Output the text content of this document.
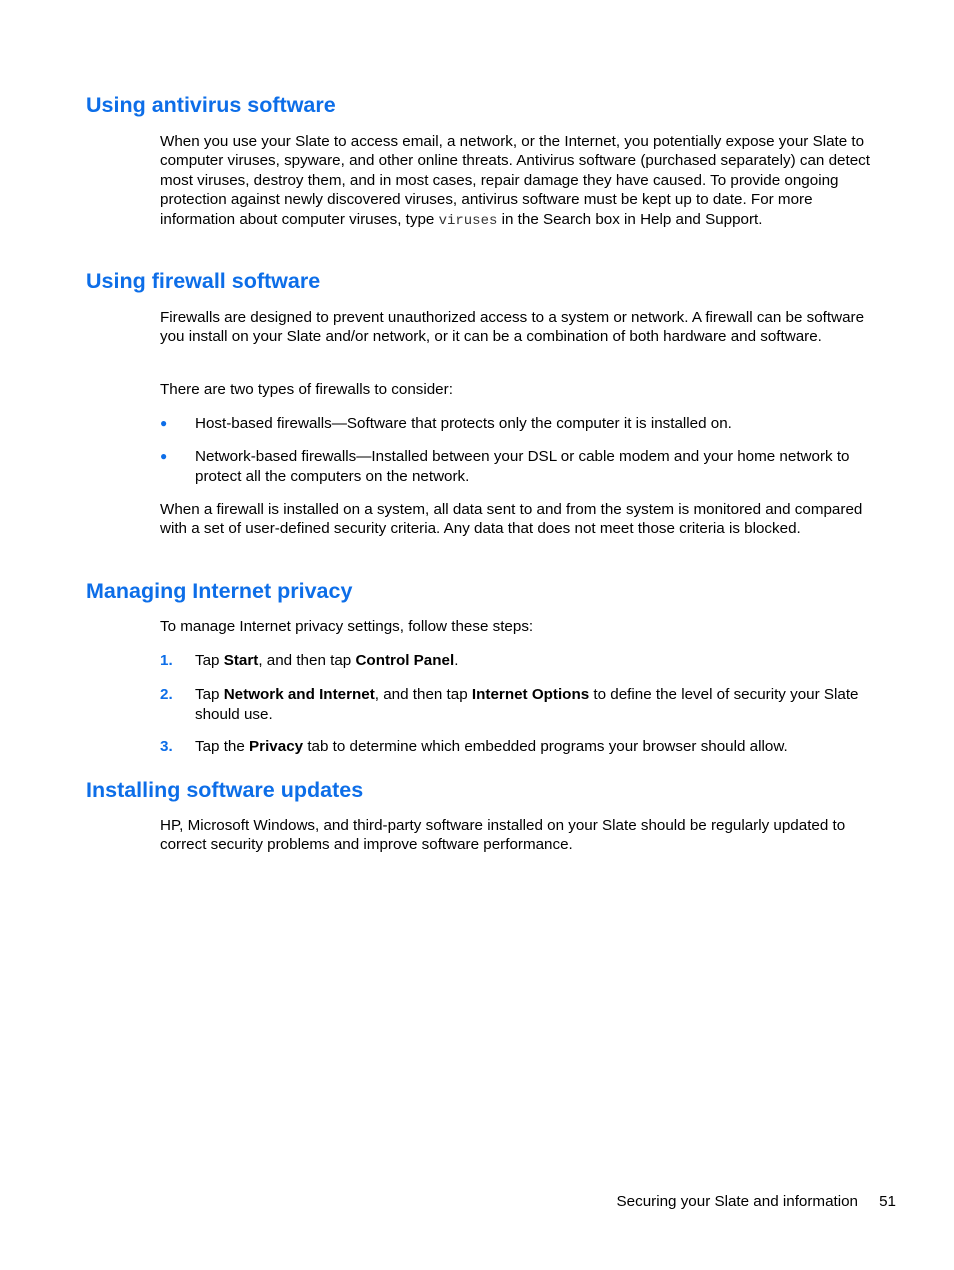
Using antivirus software

When you use your Slate to access email, a network, or the Internet, you potentially expose your Slate to computer viruses, spyware, and other online threats. Antivirus software (purchased separately) can detect most viruses, destroy them, and in most cases, repair damage they have caused. To provide ongoing protection against newly discovered viruses, antivirus software must be kept up to date. For more information about computer viruses, type viruses in the Search box in Help and Support.

Using firewall software

Firewalls are designed to prevent unauthorized access to a system or network. A firewall can be software you install on your Slate and/or network, or it can be a combination of both hardware and software.

There are two types of firewalls to consider:

● Host-based firewalls—Software that protects only the computer it is installed on.
● Network-based firewalls—Installed between your DSL or cable modem and your home network to protect all the computers on the network.

When a firewall is installed on a system, all data sent to and from the system is monitored and compared with a set of user-defined security criteria. Any data that does not meet those criteria is blocked.

Managing Internet privacy

To manage Internet privacy settings, follow these steps:

1. Tap Start, and then tap Control Panel.
2. Tap Network and Internet, and then tap Internet Options to define the level of security your Slate should use.
3. Tap the Privacy tab to determine which embedded programs your browser should allow.
Installing software updates

HP, Microsoft Windows, and third-party software installed on your Slate should be regularly updated to correct security problems and improve software performance.

Securing your Slate and information 51
